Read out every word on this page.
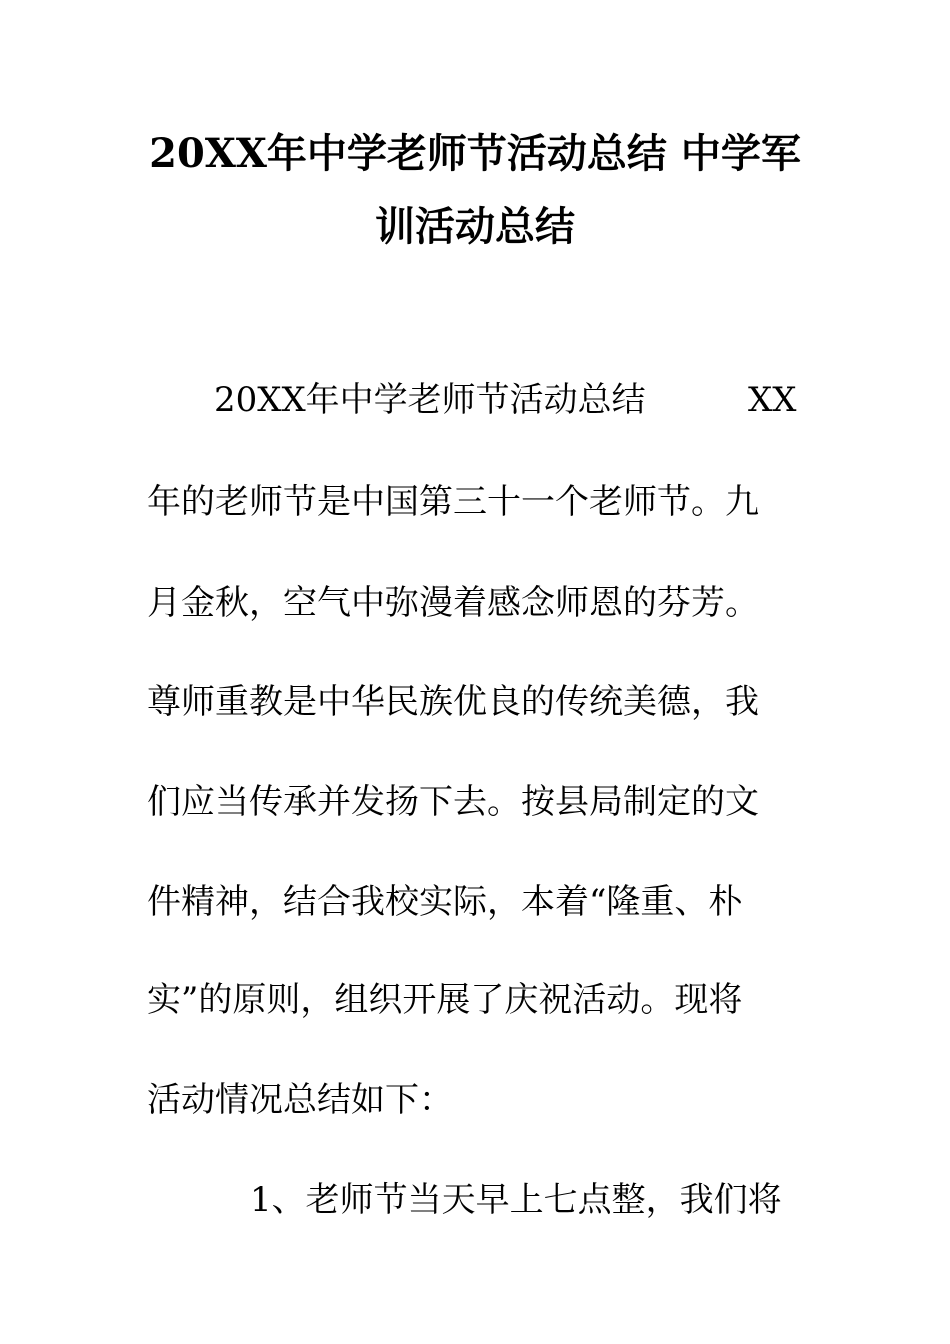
20XX年中学老师节活动总结 中学军
训活动总结
20XX年中学老师节活动总结	XX
年的老师节是中国第三十一个老师节。九
月金秋，空气中弥漫着感念师恩的芬芳。
尊师重教是中华民族优良的传统美德，我
们应当传承并发扬下去。按县局制定的文
件精神，结合我校实际，本着“隆重、朴
实”的原则，组织开展了庆祝活动。现将
活动情况总结如下：
1、老师节当天早上七点整，我们将
